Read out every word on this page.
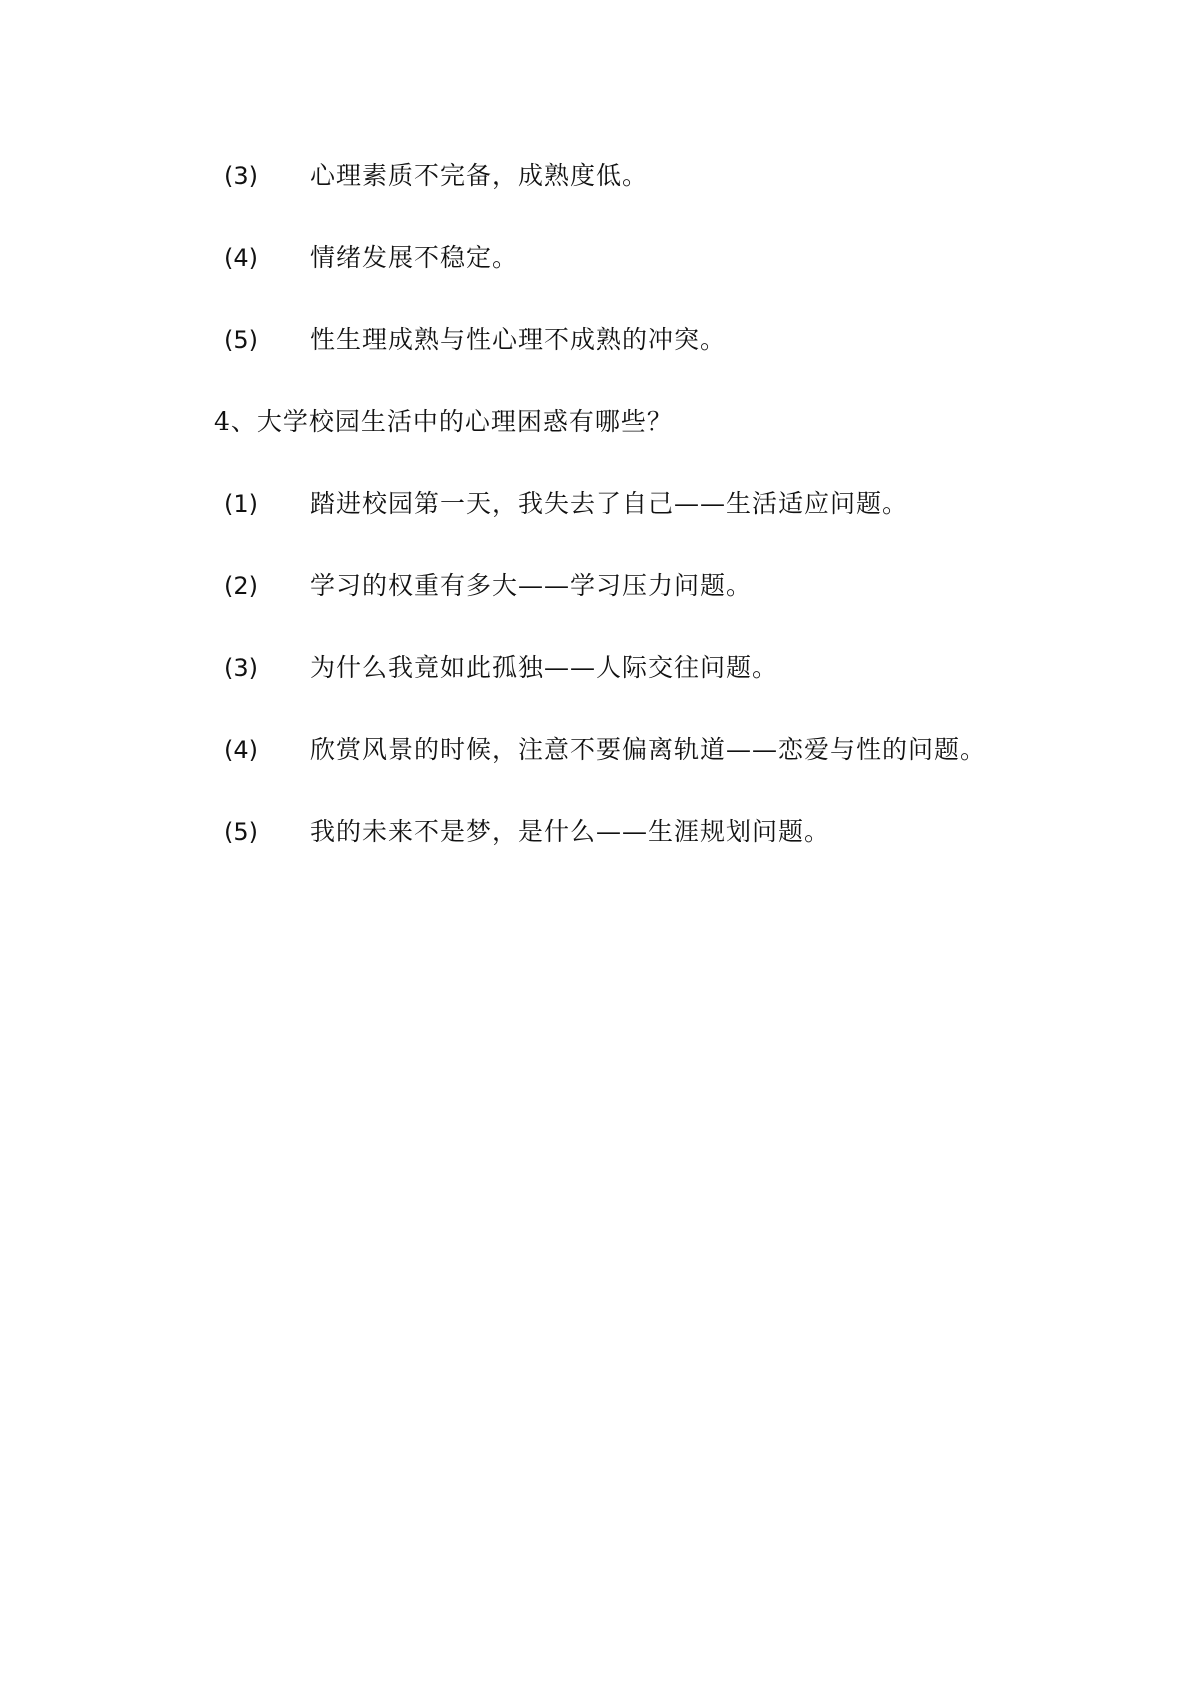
(3) 心理素质不完备，成熟度低。
(4) 情绪发展不稳定。
(5) 性生理成熟与性心理不成熟的冲突。
4、大学校园生活中的心理困惑有哪些？
(1) 踏进校园第一天，我失去了自己——生活适应问题。
(2) 学习的权重有多大——学习压力问题。
(3) 为什么我竟如此孤独——人际交往问题。
(4) 欣赏风景的时候，注意不要偏离轨道——恋爱与性的问题。
(5) 我的未来不是梦，是什么——生涯规划问题。
